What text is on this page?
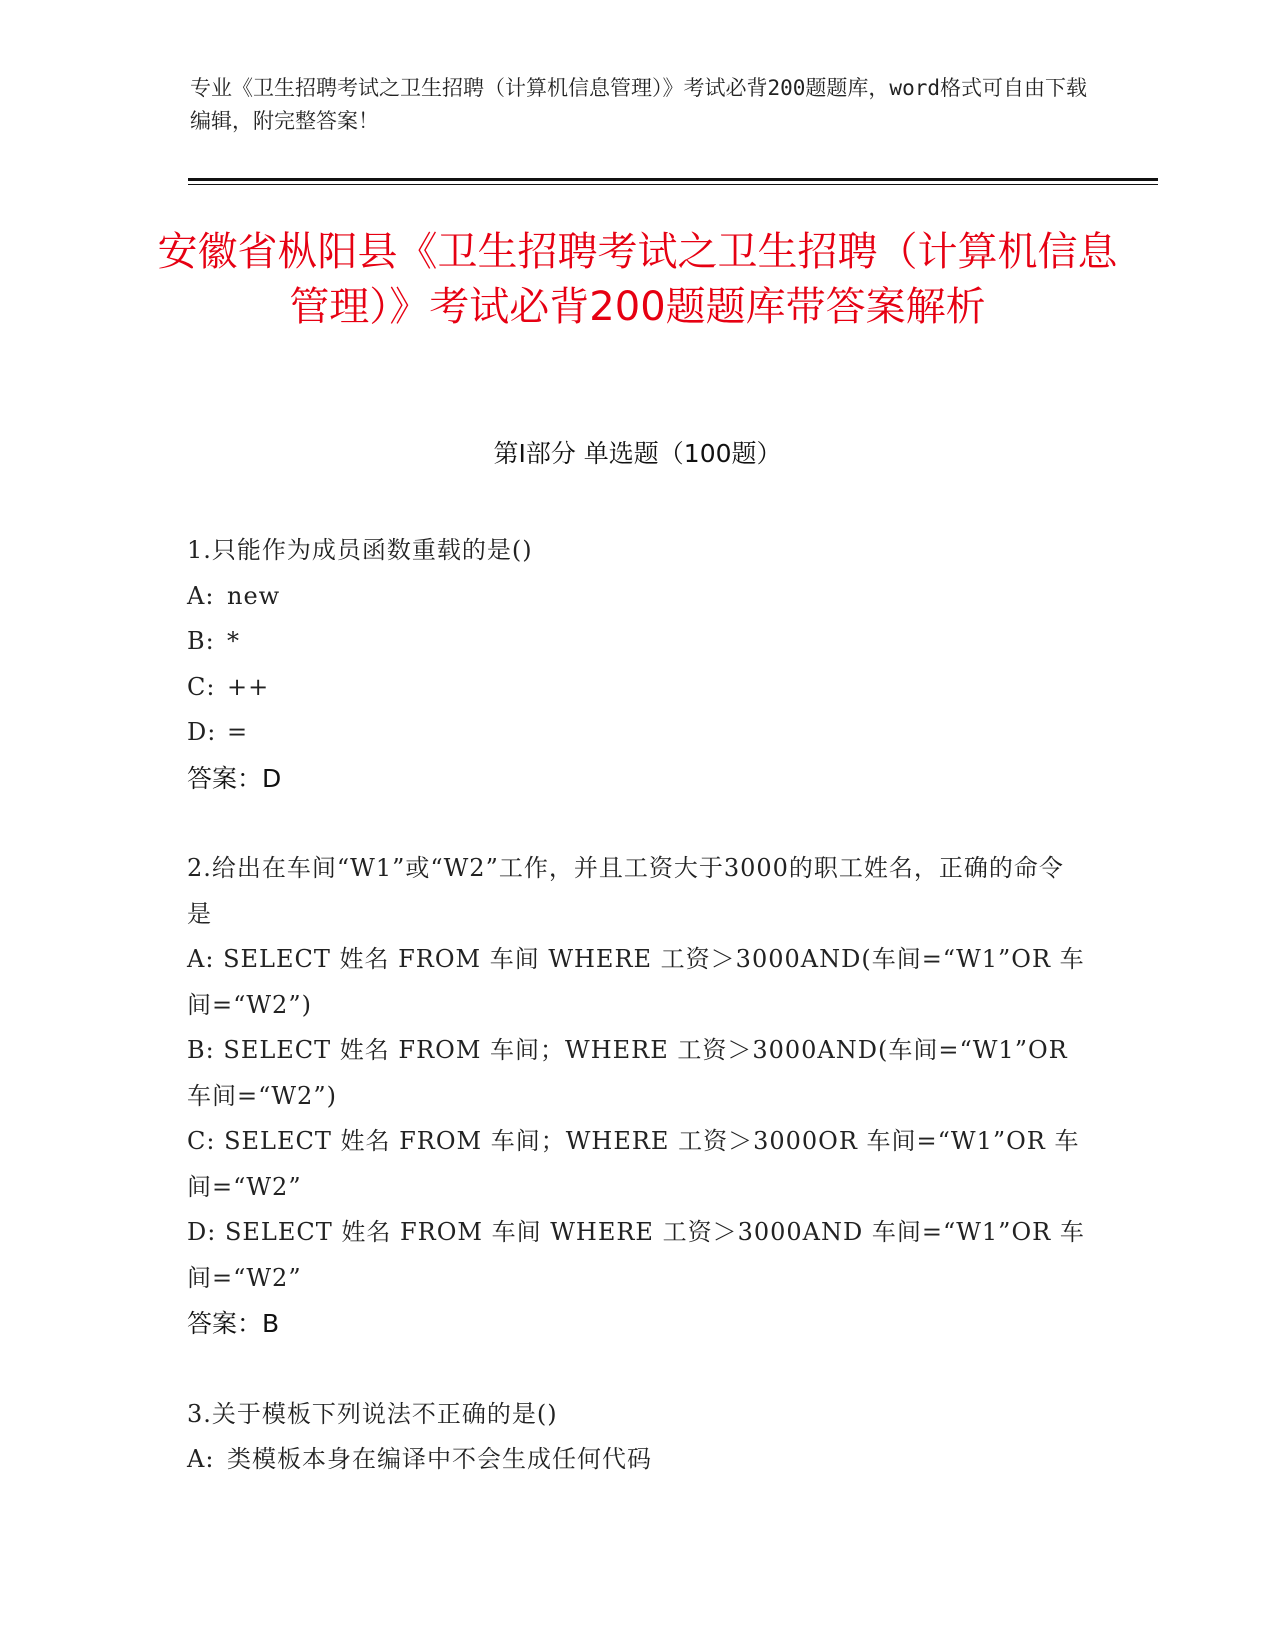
专业《卫生招聘考试之卫生招聘（计算机信息管理）》考试必背200题题库，word格式可自由下载编辑，附完整答案！
安徽省枞阳县《卫生招聘考试之卫生招聘（计算机信息管理）》考试必背200题题库带答案解析
第Ⅰ部分 单选题（100题）
1.只能作为成员函数重载的是()
A: new
B: *
C: ++
D: =
答案：D
2.给出在车间“W1”或“W2”工作，并且工资大于3000的职工姓名，正确的命令是
A: SELECT 姓名 FROM 车间 WHERE 工资＞3000AND(车间=“W1”OR 车间=“W2”)
B: SELECT 姓名 FROM 车间；WHERE 工资＞3000AND(车间=“W1”OR 车间=“W2”)
C: SELECT 姓名 FROM 车间；WHERE 工资＞3000OR 车间=“W1”OR 车间=“W2”
D: SELECT 姓名 FROM 车间 WHERE 工资＞3000AND 车间=“W1”OR 车间=“W2”
答案：B
3.关于模板下列说法不正确的是()
A: 类模板本身在编译中不会生成任何代码
